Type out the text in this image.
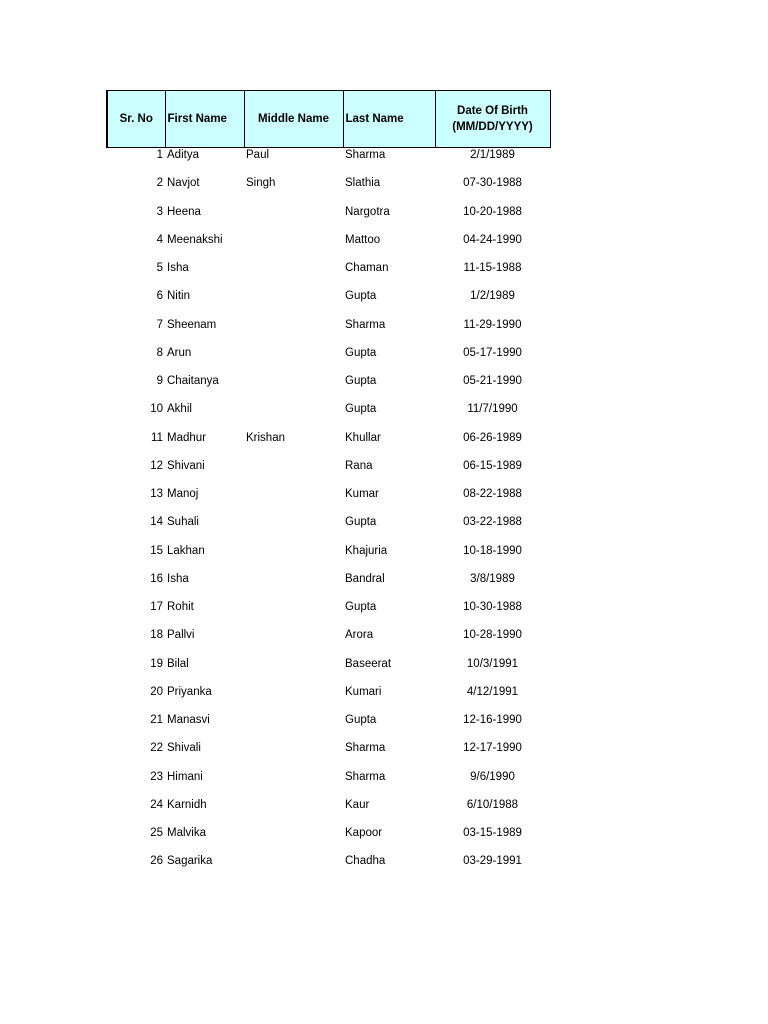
Sr. No	First Name	Middle Name	Last Name	Date Of Birth
(MM/DD/YYYY)
1	Aditya	Paul	Sharma	2/1/1989
2	Navjot	Singh	Slathia	07-30-1988
3	Heena		Nargotra	10-20-1988
4	Meenakshi		Mattoo	04-24-1990
5	Isha		Chaman	11-15-1988
6	Nitin		Gupta	1/2/1989
7	Sheenam		Sharma	11-29-1990
8	Arun		Gupta	05-17-1990
9	Chaitanya		Gupta	05-21-1990
10	Akhil		Gupta	11/7/1990
11	Madhur	Krishan	Khullar	06-26-1989
12	Shivani		Rana	06-15-1989
13	Manoj		Kumar	08-22-1988
14	Suhali		Gupta	03-22-1988
15	Lakhan		Khajuria	10-18-1990
16	Isha		Bandral	3/8/1989
17	Rohit		Gupta	10-30-1988
18	Pallvi		Arora	10-28-1990
19	Bilal		Baseerat	10/3/1991
20	Priyanka		Kumari	4/12/1991
21	Manasvi		Gupta	12-16-1990
22	Shivali		Sharma	12-17-1990
23	Himani		Sharma	9/6/1990
24	Karnidh		Kaur	6/10/1988
25	Malvika		Kapoor	03-15-1989
26	Sagarika		Chadha	03-29-1991
